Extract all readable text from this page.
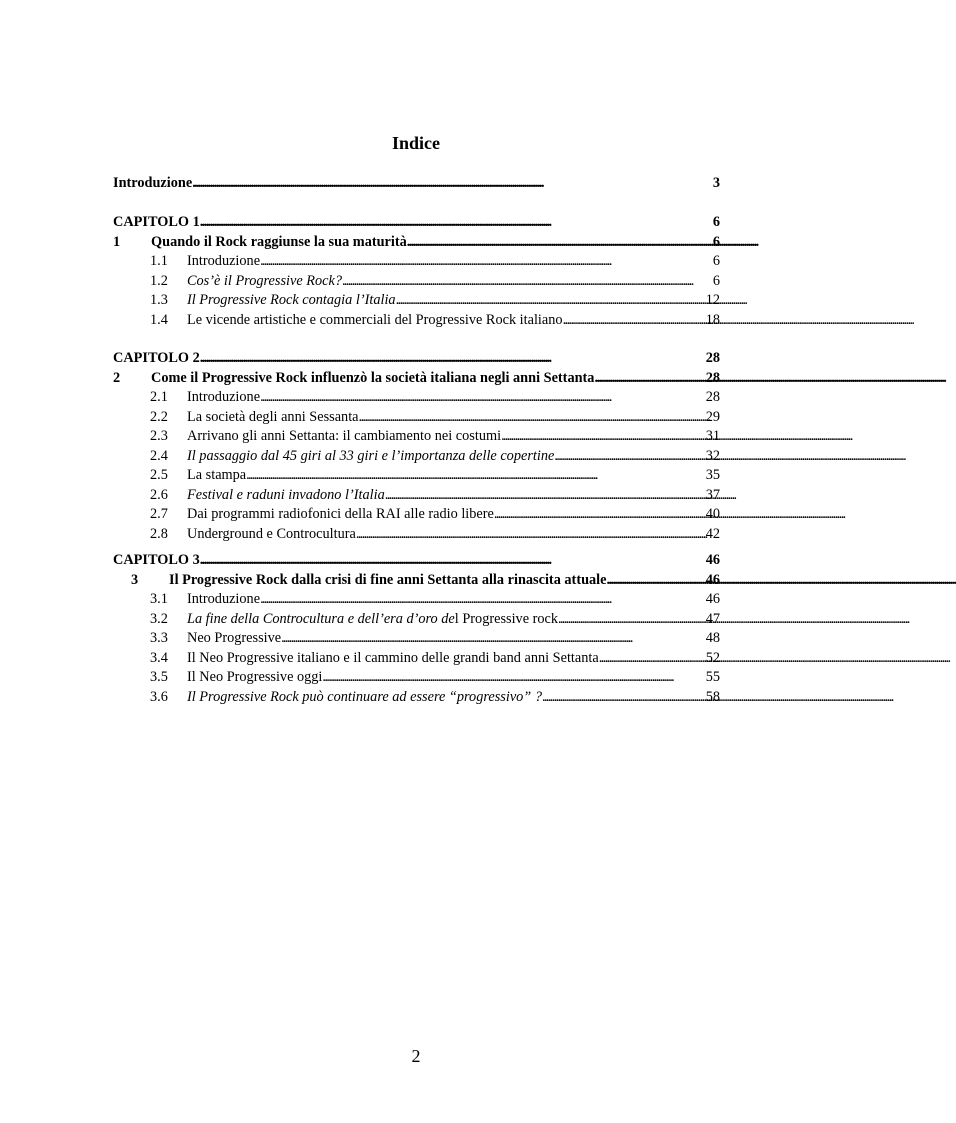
Indice
Introduzione . . .	3
CAPITOLO 1 . . .	6
1	Quando il Rock raggiunse la sua maturità . . .	6
1.1	Introduzione . . .	6
1.2	Cos’è il Progressive Rock? . . .	6
1.3	Il Progressive Rock contagia l’Italia . . .	12
1.4	Le vicende artistiche e commerciali del Progressive Rock italiano . . .	18
CAPITOLO 2 . . .	28
2	Come il Progressive Rock influenzò la società italiana negli anni Settanta . . .	28
2.1	Introduzione . . .	28
2.2	La società degli anni Sessanta . . .	29
2.3	Arrivano gli anni Settanta: il cambiamento nei costumi . . .	31
2.4	Il passaggio dal 45 giri al 33 giri e l’importanza delle copertine . . .	32
2.5	La stampa . . .	35
2.6	Festival e raduni invadono l’Italia . . .	37
2.7	Dai programmi radiofonici della RAI alle radio libere . . .	40
2.8	Underground e Controcultura . . .	42
CAPITOLO 3 . . .	46
3	Il Progressive Rock dalla crisi di fine anni Settanta alla rinascita attuale . . .	46
3.1	Introduzione . . .	46
3.2	La fine della Controcultura e dell’era d’oro del Progressive rock . . .	47
3.3	Neo Progressive . . .	48
3.4	Il Neo Progressive italiano e il cammino delle grandi band anni Settanta . . .	52
3.5	Il Neo Progressive oggi . . .	55
3.6	Il Progressive Rock può continuare ad essere “progressivo” ? . . .	58
2
